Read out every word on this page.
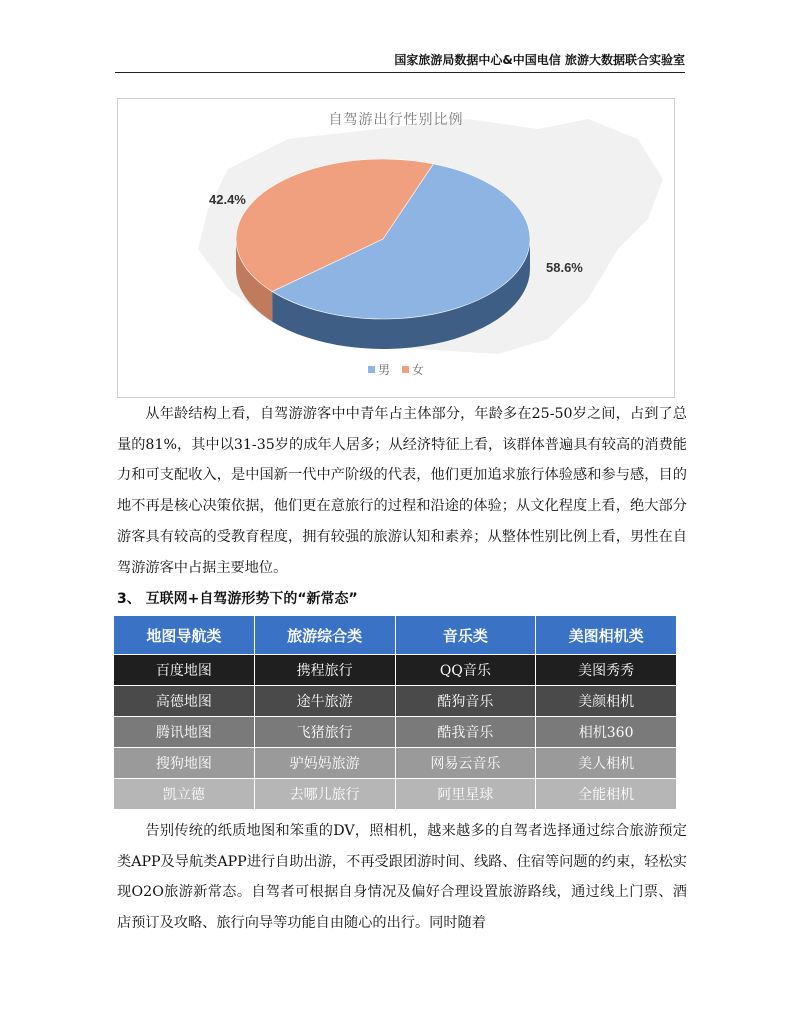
国家旅游局数据中心&中国电信 旅游大数据联合实验室
自驾游出行性别比例
42.4%
58.6%
男 女

从年龄结构上看，自驾游游客中中青年占主体部分，年龄多在25-50岁之间，占到了总量的81%，其中以31-35岁的成年人居多；从经济特征上看，该群体普遍具有较高的消费能力和可支配收入，是中国新一代中产阶级的代表，他们更加追求旅行体验感和参与感，目的地不再是核心决策依据，他们更在意旅行的过程和沿途的体验；从文化程度上看，绝大部分游客具有较高的受教育程度，拥有较强的旅游认知和素养；从整体性别比例上看，男性在自驾游游客中占据主要地位。

3、 互联网+自驾游形势下的“新常态”
地图导航类	旅游综合类	音乐类	美图相机类
百度地图	携程旅行	QQ音乐	美图秀秀
高德地图	途牛旅游	酷狗音乐	美颜相机
腾讯地图	飞猪旅行	酷我音乐	相机360
搜狗地图	驴妈妈旅游	网易云音乐	美人相机
凯立德	去哪儿旅行	阿里星球	全能相机

告别传统的纸质地图和笨重的DV，照相机，越来越多的自驾者选择通过综合旅游预定类APP及导航类APP进行自助出游，不再受跟团游时间、线路、住宿等问题的约束，轻松实现O2O旅游新常态。自驾者可根据自身情况及偏好合理设置旅游路线，通过线上门票、酒店预订及攻略、旅行向导等功能自由随心的出行。同时随着
